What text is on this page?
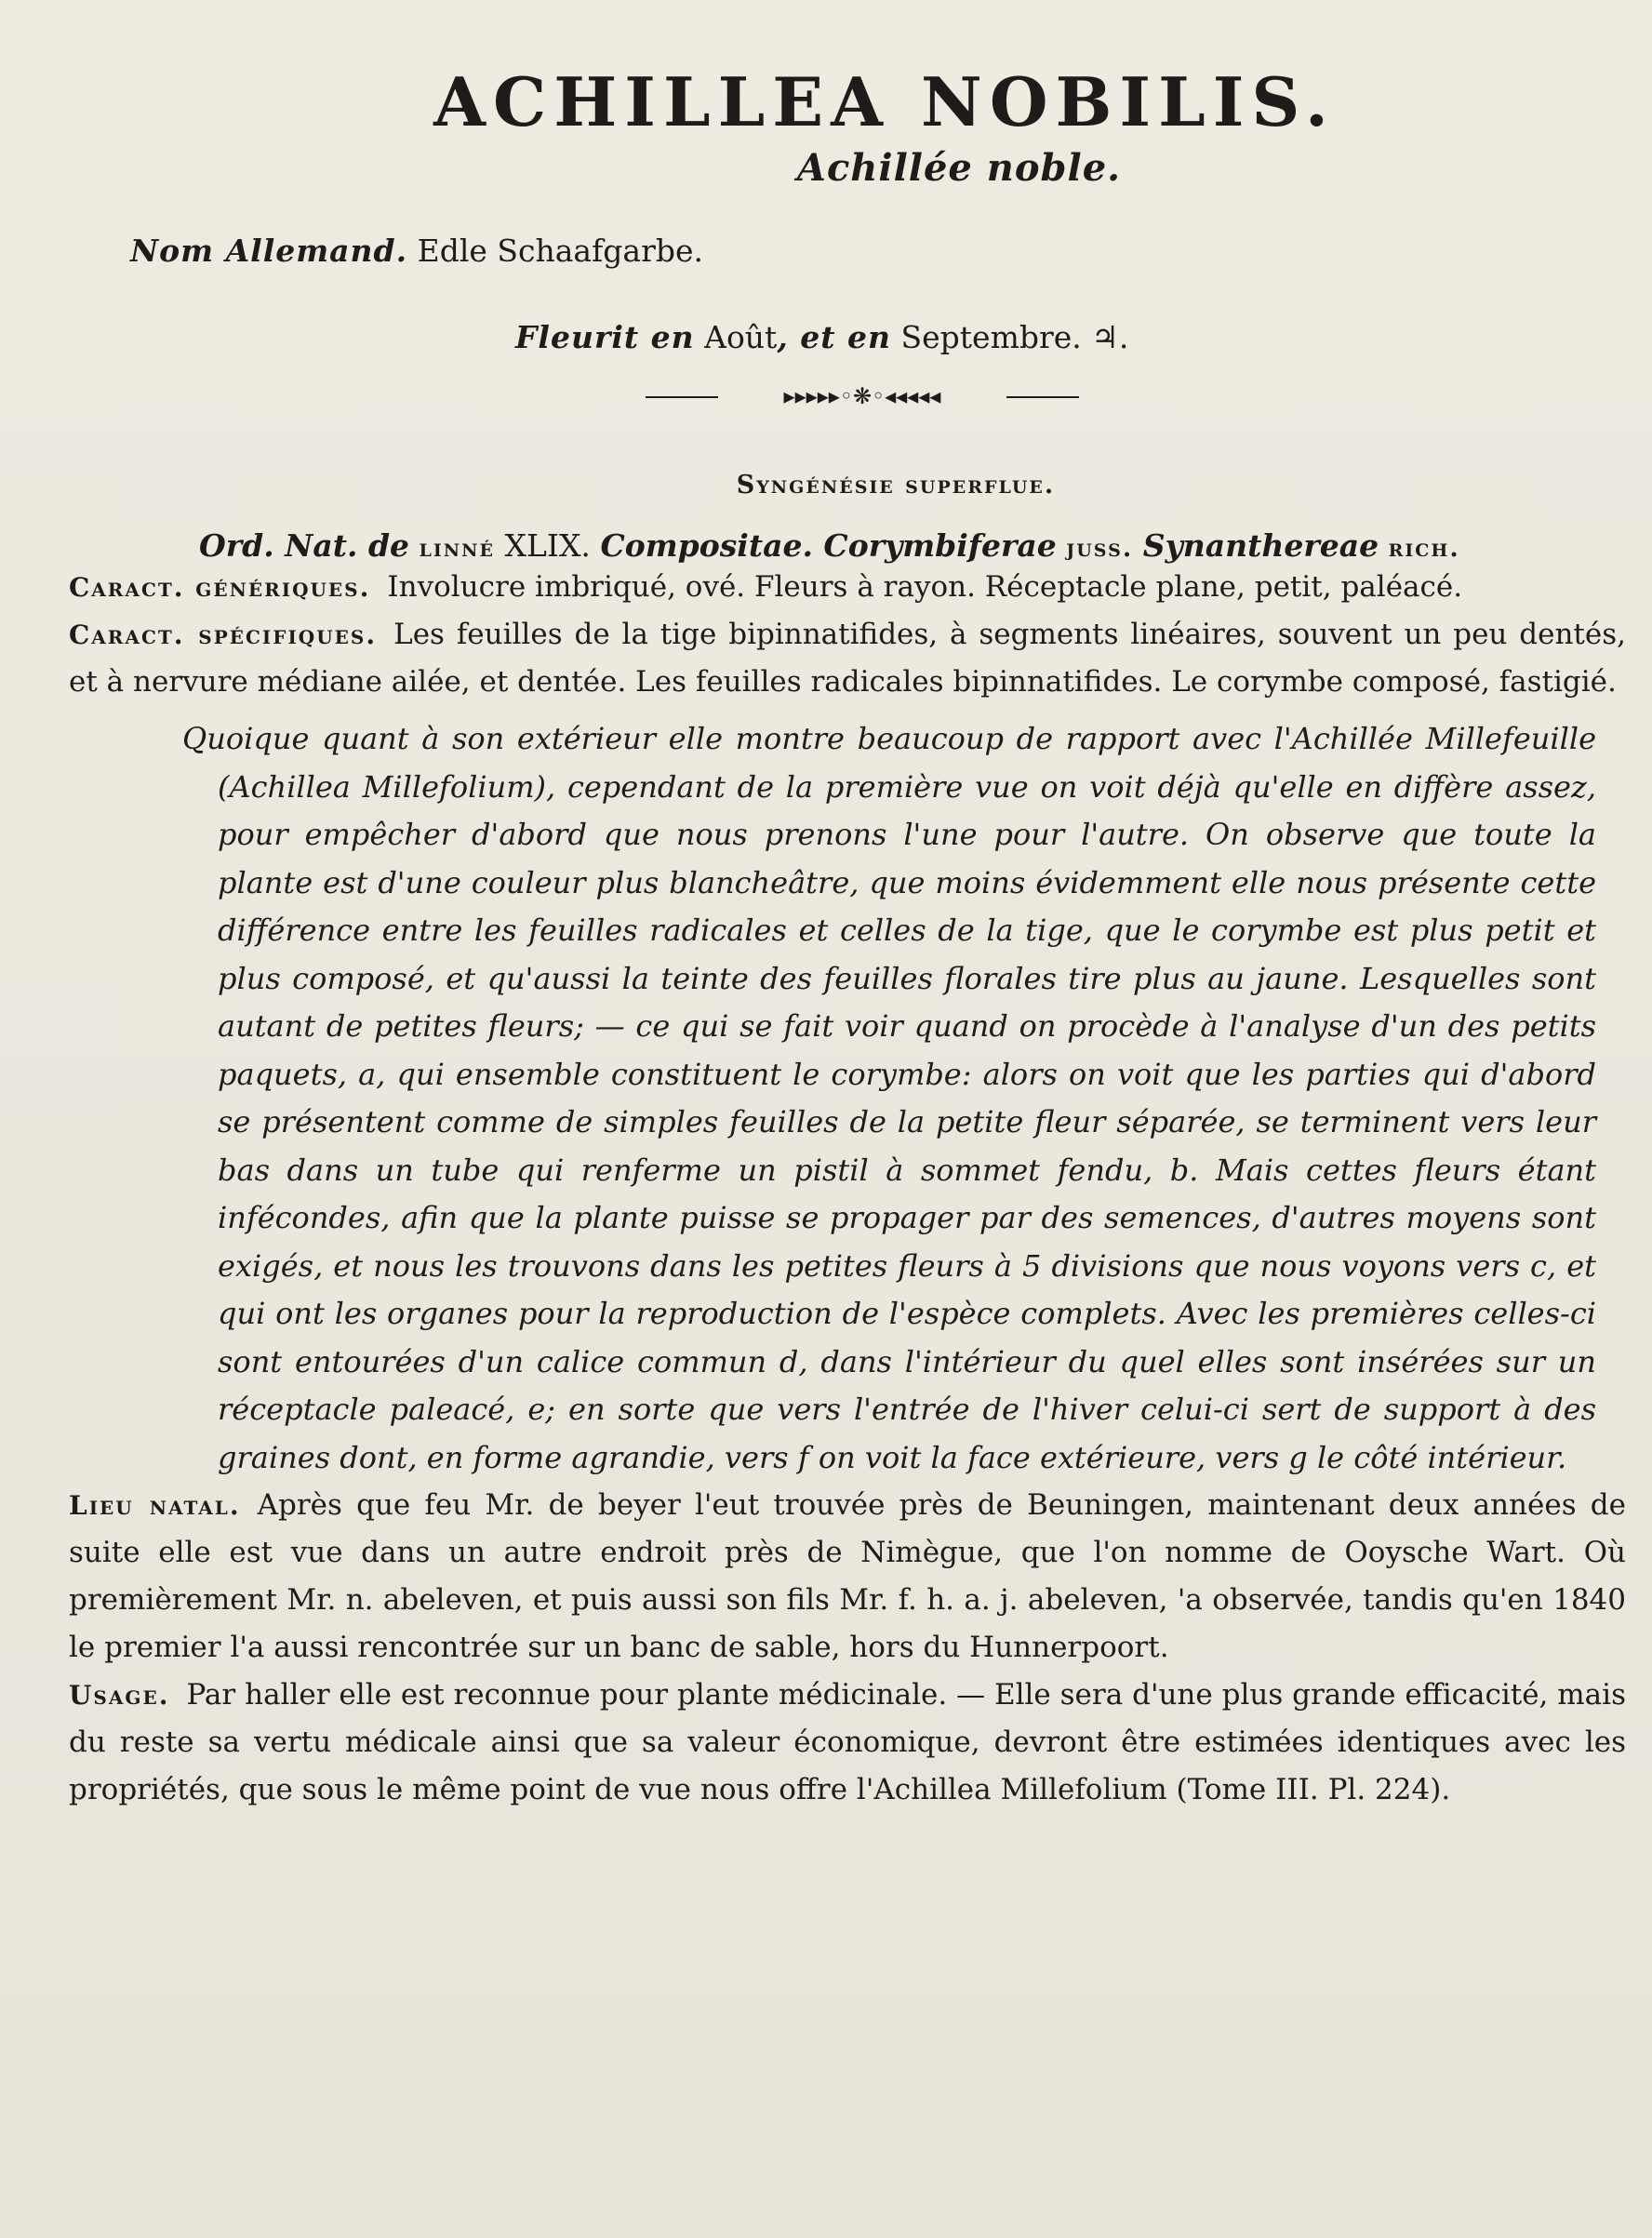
ACHILLEA NOBILIS.
Achillée noble.
Nom Allemand. Edle Schaafgarbe.
Fleurit en Août, et en Septembre. ♃.
▸▸▸▸▸◦❋◦◂◂◂◂◂
Syngénésie superflue.
Ord. Nat. de linné XLIX. Compositae. Corymbiferae juss. Synanthereae rich.

Caract. génériques. Involucre imbriqué, ové. Fleurs à rayon. Réceptacle plane, petit, paléacé.

Caract. spécifiques. Les feuilles de la tige bipinnatifides, à segments linéaires, souvent un peu dentés, et à nervure médiane ailée, et dentée. Les feuilles radicales bipinnatifides. Le corymbe composé, fastigié.

Quoique quant à son extérieur elle montre beaucoup de rapport avec l'Achillée Millefeuille (Achillea Millefolium), cependant de la première vue on voit déjà qu'elle en diffère assez, pour empêcher d'abord que nous prenons l'une pour l'autre. On observe que toute la plante est d'une couleur plus blancheâtre, que moins évidemment elle nous présente cette différence entre les feuilles radicales et celles de la tige, que le corymbe est plus petit et plus composé, et qu'aussi la teinte des feuilles florales tire plus au jaune. Lesquelles sont autant de petites fleurs; — ce qui se fait voir quand on procède à l'analyse d'un des petits paquets, a, qui ensemble constituent le corymbe: alors on voit que les parties qui d'abord se présentent comme de simples feuilles de la petite fleur séparée, se terminent vers leur bas dans un tube qui renferme un pistil à sommet fendu, b. Mais cettes fleurs étant infécondes, afin que la plante puisse se propager par des semences, d'autres moyens sont exigés, et nous les trouvons dans les petites fleurs à 5 divisions que nous voyons vers c, et qui ont les organes pour la reproduction de l'espèce complets. Avec les premières celles-ci sont entourées d'un calice commun d, dans l'intérieur du quel elles sont insérées sur un réceptacle paleacé, e; en sorte que vers l'entrée de l'hiver celui-ci sert de support à des graines dont, en forme agrandie, vers f on voit la face extérieure, vers g le côté intérieur.

Lieu natal. Après que feu Mr. de beyer l'eut trouvée près de Beuningen, maintenant deux années de suite elle est vue dans un autre endroit près de Nimègue, que l'on nomme de Ooysche Wart. Où premièrement Mr. n. abeleven, et puis aussi son fils Mr. f. h. a. j. abeleven, 'a observée, tandis qu'en 1840 le premier l'a aussi rencontrée sur un banc de sable, hors du Hunnerpoort.

Usage. Par haller elle est reconnue pour plante médicinale. — Elle sera d'une plus grande efficacité, mais du reste sa vertu médicale ainsi que sa valeur économique, devront être estimées identiques avec les propriétés, que sous le même point de vue nous offre l'Achillea Millefolium (Tome III. Pl. 224).
